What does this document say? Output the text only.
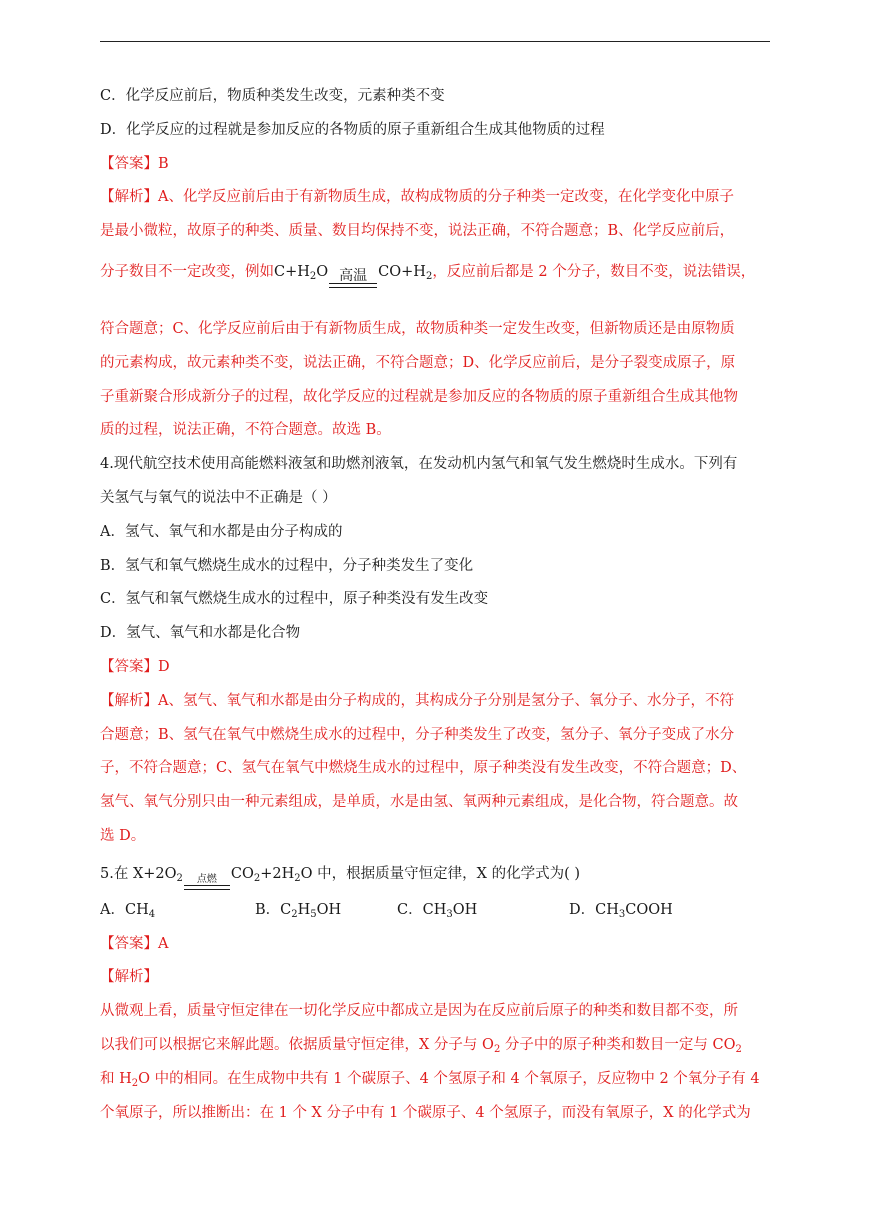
C．化学反应前后，物质种类发生改变，元素种类不变
D．化学反应的过程就是参加反应的各物质的原子重新组合生成其他物质的过程
【答案】B
【解析】A、化学反应前后由于有新物质生成，故构成物质的分子种类一定改变，在化学变化中原子
是最小微粒，故原子的种类、质量、数目均保持不变，说法正确，不符合题意；B、化学反应前后，
分子数目不一定改变，例如$C+H_2O$ 高温 $CO+H_2$，反应前后都是 2 个分子，数目不变，说法错误，
符合题意；C、化学反应前后由于有新物质生成，故物质种类一定发生改变，但新物质还是由原物质
的元素构成，故元素种类不变，说法正确，不符合题意；D、化学反应前后，是分子裂变成原子，原
子重新聚合形成新分子的过程，故化学反应的过程就是参加反应的各物质的原子重新组合生成其他物
质的过程，说法正确，不符合题意。故选 B。
4.现代航空技术使用高能燃料液氢和助燃剂液氧，在发动机内氢气和氧气发生燃烧时生成水。下列有
关氢气与氧气的说法中不正确是（ ）
A．氢气、氧气和水都是由分子构成的
B．氢气和氧气燃烧生成水的过程中，分子种类发生了变化
C．氢气和氧气燃烧生成水的过程中，原子种类没有发生改变
D．氢气、氧气和水都是化合物
【答案】D
【解析】A、氢气、氧气和水都是由分子构成的，其构成分子分别是氢分子、氧分子、水分子，不符
合题意；B、氢气在氧气中燃烧生成水的过程中，分子种类发生了改变，氢分子、氧分子变成了水分
子，不符合题意；C、氢气在氧气中燃烧生成水的过程中，原子种类没有发生改变，不符合题意；D、
氢气、氧气分别只由一种元素组成，是单质，水是由氢、氧两种元素组成，是化合物，符合题意。故
选 D。
5.在 $X+2O_2$ 点燃 $CO_2+2H_2O$ 中，根据质量守恒定律，X 的化学式为( )
A．$CH_4$	B．$C_2H_5OH$	C．$CH_3OH$	D．$CH_3COOH$
【答案】A
【解析】
从微观上看，质量守恒定律在一切化学反应中都成立是因为在反应前后原子的种类和数目都不变，所
以我们可以根据它来解此题。依据质量守恒定律，X 分子与 $O_2$ 分子中的原子种类和数目一定与 $CO_2$
和 $H_2O$ 中的相同。在生成物中共有 1 个碳原子、4 个氢原子和 4 个氧原子，反应物中 2 个氧分子有 4
个氧原子，所以推断出：在 1 个 X 分子中有 1 个碳原子、4 个氢原子，而没有氧原子，X 的化学式为
